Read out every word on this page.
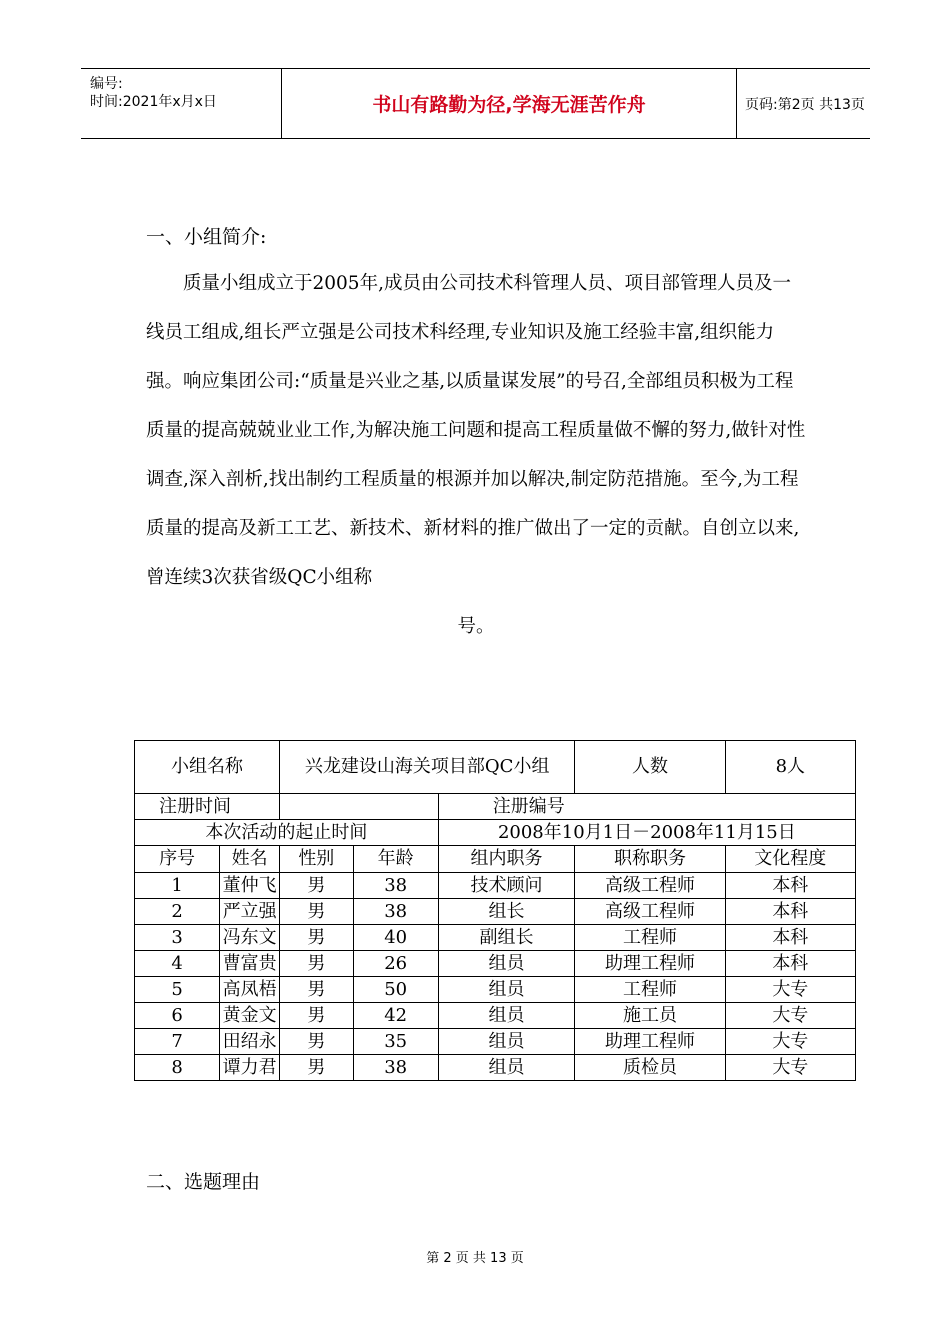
编号:
时间:2021年x月x日	书山有路勤为径,学海无涯苦作舟	页码:第2页 共13页
一、小组简介:

质量小组成立于2005年,成员由公司技术科管理人员、项目部管理人员及一线员工组成,组长严立强是公司技术科经理,专业知识及施工经验丰富,组织能力强。响应集团公司:“质量是兴业之基,以质量谋发展”的号召,全部组员积极为工程质量的提高兢兢业业工作,为解决施工问题和提高工程质量做不懈的努力,做针对性调查,深入剖析,找出制约工程质量的根源并加以解决,制定防范措施。至今,为工程质量的提高及新工工艺、新技术、新材料的推广做出了一定的贡献。自创立以来,曾连续3次获省级QC小组称

号。

小组名称		兴龙建设山海关项目部QC小组			人数	8人
注册时间				注册编号		
本次活动的起止时间				2008年10月1日－2008年11月15日		
序号	姓名	性别	年龄	组内职务	职称职务	文化程度
1	董仲飞	男	38	技术顾问	高级工程师	本科
2	严立强	男	38	组长	高级工程师	本科
3	冯东文	男	40	副组长	工程师	本科
4	曹富贵	男	26	组员	助理工程师	本科
5	高凤梧	男	50	组员	工程师	大专
6	黄金文	男	42	组员	施工员	大专
7	田绍永	男	35	组员	助理工程师	大专
8	谭力君	男	38	组员	质检员	大专
二、选题理由
第 2 页 共 13 页
